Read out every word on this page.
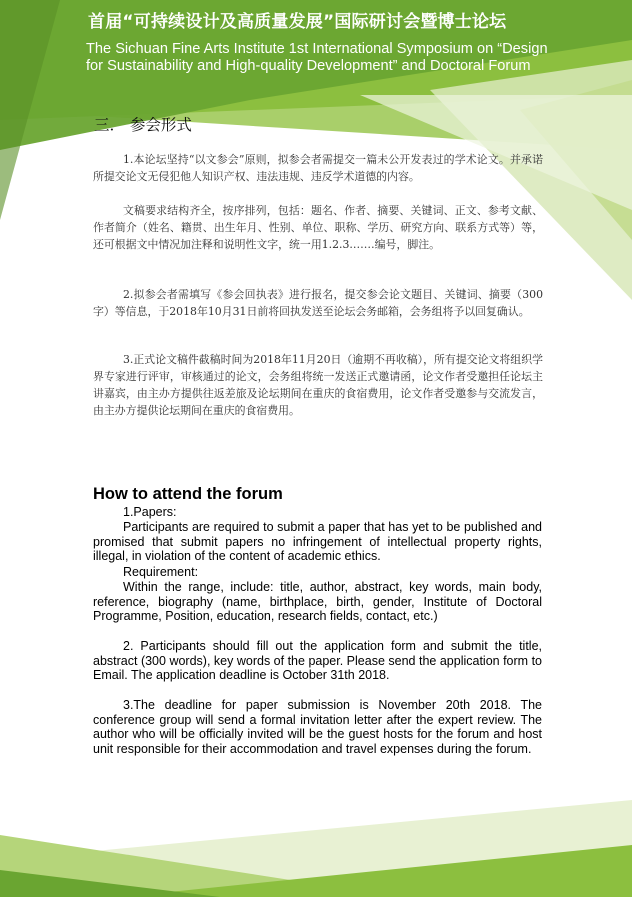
首届“可持续设计及高质量发展”国际研讨会暨博士论坛
The Sichuan Fine Arts Institute 1st International Symposium on “Design
for Sustainability and High-quality Development” and Doctoral Forum
三． 参会形式
1.本论坛坚持“以文参会”原则，拟参会者需提交一篇未公开发表过的学术论文。并承诺所提交论文无侵犯他人知识产权、违法违规、违反学术道德的内容。
文稿要求结构齐全，按序排列，包括：题名、作者、摘要、关键词、正文、参考文献、作者简介（姓名、籍贯、出生年月、性别、单位、职称、学历、研究方向、联系方式等）等，还可根据文中情况加注释和说明性文字，统一用1.2.3.……编号，脚注。
2.拟参会者需填写《参会回执表》进行报名，提交参会论文题目、关键词、摘要（300字）等信息，于2018年10月31日前将回执发送至论坛会务邮箱，会务组将予以回复确认。
3.正式论文稿件截稿时间为2018年11月20日（逾期不再收稿），所有提交论文将组织学界专家进行评审，审核通过的论文，会务组将统一发送正式邀请函，论文作者受邀担任论坛主讲嘉宾，由主办方提供往返差旅及论坛期间在重庆的食宿费用，论文作者受邀参与交流发言，由主办方提供论坛期间在重庆的食宿费用。
How to attend the forum
1.Papers:
Participants are required to submit a paper that has yet to be published and promised that submit papers no infringement of intellectual property rights, illegal, in violation of the content of academic ethics.
Requirement:
Within the range, include: title, author, abstract, key words, main body, reference, biography (name, birthplace, birth, gender, Institute of Doctoral Programme, Position, education, research fields, contact, etc.)
2. Participants should fill out the application form and submit the title, abstract (300 words), key words of the paper. Please send the application form to Email. The application deadline is October 31th 2018.
3.The deadline for paper submission is November 20th 2018. The conference group will send a formal invitation letter after the expert review. The author who will be officially invited will be the guest hosts for the forum and host unit responsible for their accommodation and travel expenses during the forum.
